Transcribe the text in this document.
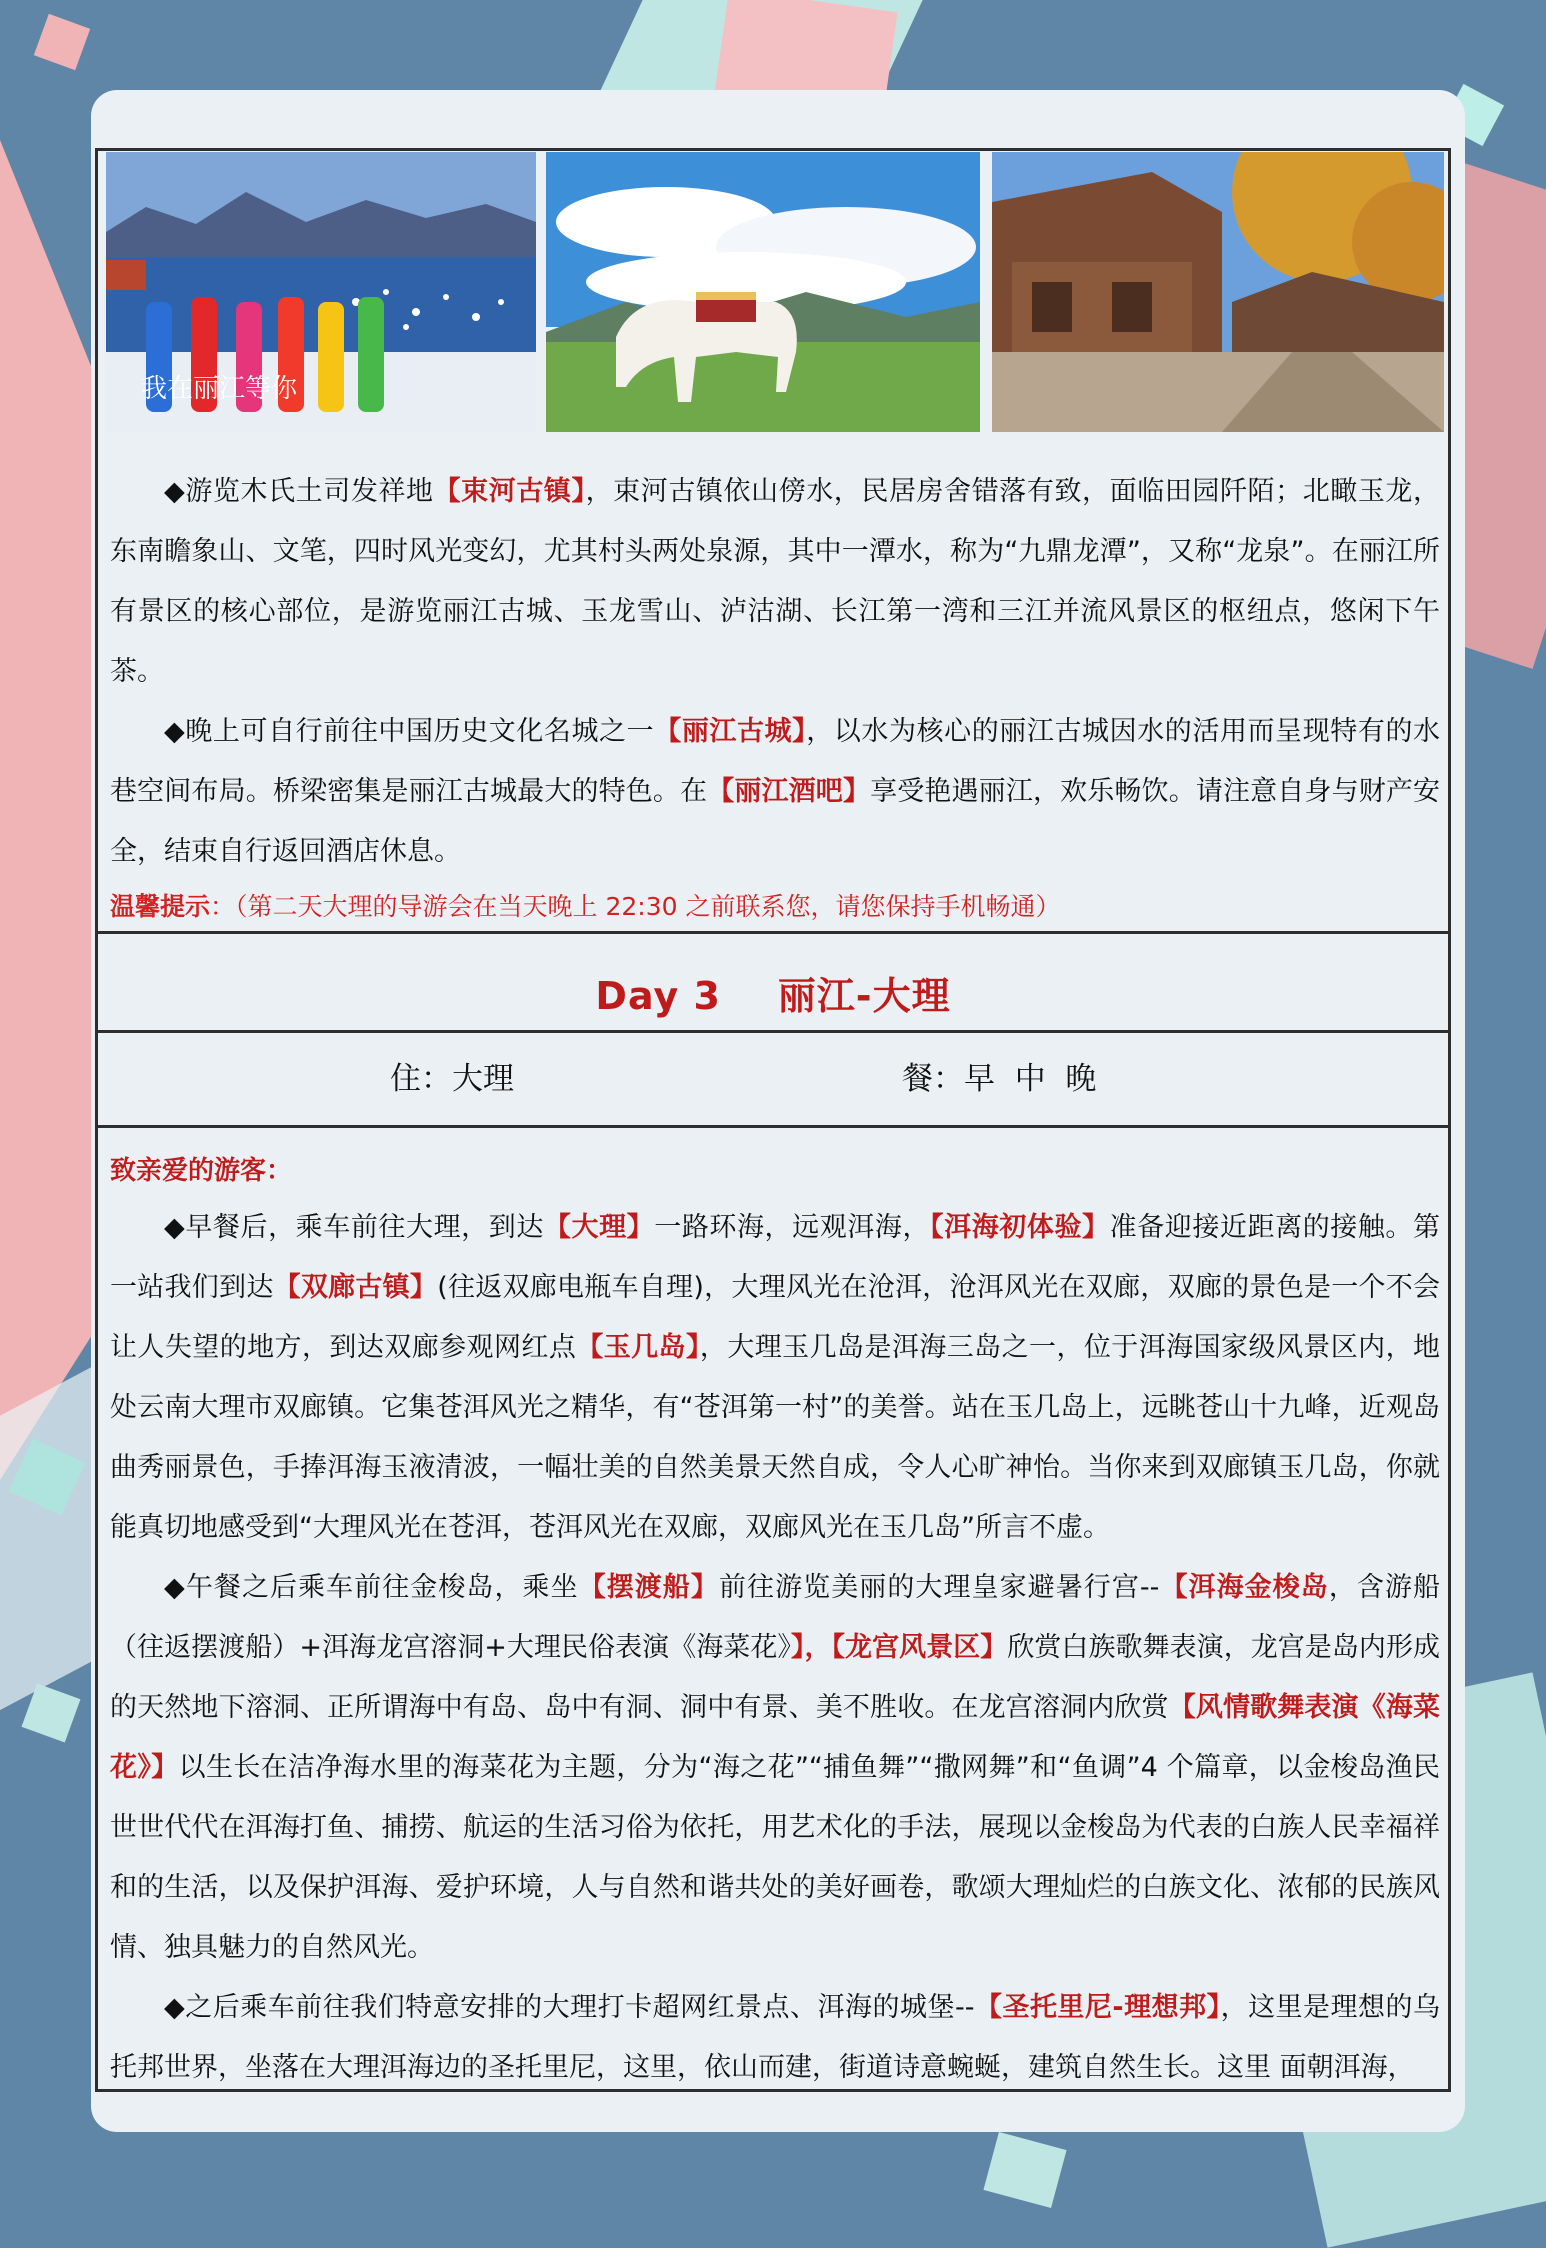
我在丽江等你

◆游览木氏土司发祥地【束河古镇】，束河古镇依山傍水，民居房舍错落有致，面临田园阡陌；北瞰玉龙，东南瞻象山、文笔，四时风光变幻，尤其村头两处泉源，其中一潭水，称为“九鼎龙潭”，又称“龙泉”。在丽江所有景区的核心部位，是游览丽江古城、玉龙雪山、泸沽湖、长江第一湾和三江并流风景区的枢纽点，悠闲下午茶。

◆晚上可自行前往中国历史文化名城之一【丽江古城】，以水为核心的丽江古城因水的活用而呈现特有的水巷空间布局。桥梁密集是丽江古城最大的特色。在【丽江酒吧】享受艳遇丽江，欢乐畅饮。请注意自身与财产安全，结束自行返回酒店休息。

温馨提示：（第二天大理的导游会在当天晚上 22:30 之前联系您，请您保持手机畅通）
Day 3    丽江-大理
住：大理	餐：早  中  晚
致亲爱的游客：

◆早餐后，乘车前往大理，到达【大理】一路环海，远观洱海，【洱海初体验】准备迎接近距离的接触。第一站我们到达【双廊古镇】(往返双廊电瓶车自理)，大理风光在沧洱，沧洱风光在双廊，双廊的景色是一个不会让人失望的地方，到达双廊参观网红点【玉几岛】，大理玉几岛是洱海三岛之一，位于洱海国家级风景区内，地处云南大理市双廊镇。它集苍洱风光之精华，有“苍洱第一村”的美誉。站在玉几岛上，远眺苍山十九峰，近观岛曲秀丽景色，手捧洱海玉液清波，一幅壮美的自然美景天然自成，令人心旷神怡。当你来到双廊镇玉几岛，你就能真切地感受到“大理风光在苍洱，苍洱风光在双廊，双廊风光在玉几岛”所言不虚。

◆午餐之后乘车前往金梭岛，乘坐【摆渡船】前往游览美丽的大理皇家避暑行宫--【洱海金梭岛，含游船（往返摆渡船）+洱海龙宫溶洞+大理民俗表演《海菜花》】，【龙宫风景区】欣赏白族歌舞表演，龙宫是岛内形成的天然地下溶洞、正所谓海中有岛、岛中有洞、洞中有景、美不胜收。在龙宫溶洞内欣赏【风情歌舞表演《海菜花》】以生长在洁净海水里的海菜花为主题，分为“海之花”“捕鱼舞”“撒网舞”和“鱼调”4 个篇章，以金梭岛渔民世世代代在洱海打鱼、捕捞、航运的生活习俗为依托，用艺术化的手法，展现以金梭岛为代表的白族人民幸福祥和的生活，以及保护洱海、爱护环境，人与自然和谐共处的美好画卷，歌颂大理灿烂的白族文化、浓郁的民族风情、独具魅力的自然风光。

◆之后乘车前往我们特意安排的大理打卡超网红景点、洱海的城堡--【圣托里尼-理想邦】，这里是理想的乌托邦世界，坐落在大理洱海边的圣托里尼，这里，依山而建，街道诗意蜿蜒，建筑自然生长。这里 面朝洱海，
